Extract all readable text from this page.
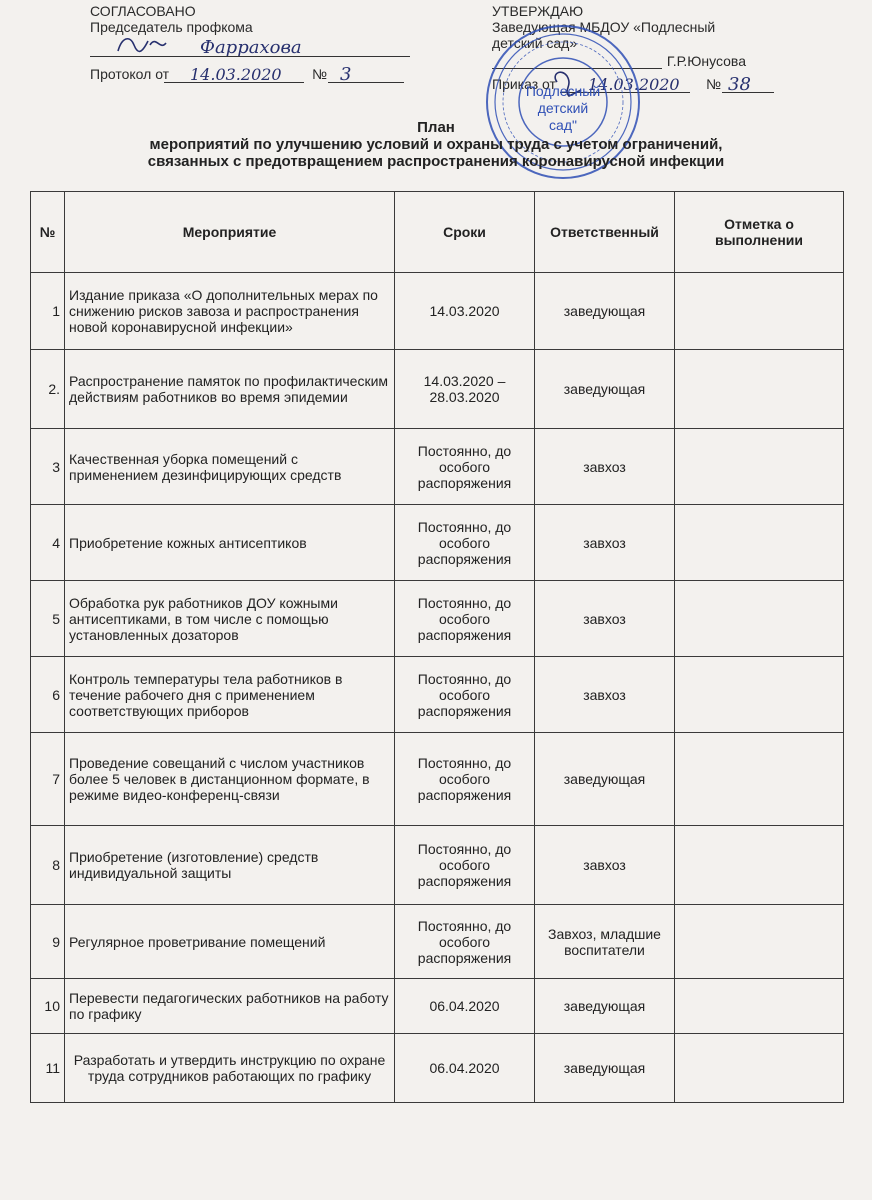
СОГЛАСОВАНО
Председатель профкома
Фаррахова
Протокол от 14.03.2020 № 3
УТВЕРЖДАЮ
Заведующая МБДОУ «Подлесный
детский сад»
Г.Р.Юнусова
Приказ от 14.03.2020 № 38
Подлесный
детский
сад"
План
мероприятий по улучшению условий и охраны труда с учетом ограничений,
связанных с предотвращением распространения коронавирусной инфекции
№	Мероприятие	Сроки	Ответственный	Отметка о выполнении
1	Издание приказа «О дополнительных мерах по снижению рисков завоза и распространения новой коронавирусной инфекции»	14.03.2020	заведующая	
2.	Распространение памяток по профилактическим действиям работников во время эпидемии	14.03.2020 – 28.03.2020	заведующая	
3	Качественная уборка помещений с применением дезинфицирующих средств	Постоянно, до особого распоряжения	завхоз	
4	Приобретение кожных антисептиков	Постоянно, до особого распоряжения	завхоз	
5	Обработка рук работников ДОУ кожными антисептиками, в том числе с помощью установленных дозаторов	Постоянно, до особого распоряжения	завхоз	
6	Контроль температуры тела работников в течение рабочего дня с применением соответствующих приборов	Постоянно, до особого распоряжения	завхоз	
7	Проведение совещаний с числом участников более 5 человек в дистанционном формате, в режиме видео-конференц-связи	Постоянно, до особого распоряжения	заведующая	
8	Приобретение (изготовление) средств индивидуальной защиты	Постоянно, до особого распоряжения	завхоз	
9	Регулярное проветривание помещений	Постоянно, до особого распоряжения	Завхоз, младшие воспитатели	
10	Перевести педагогических работников на работу по графику	06.04.2020	заведующая	
11	Разработать и утвердить инструкцию по охране труда сотрудников работающих по графику	06.04.2020	заведующая	
